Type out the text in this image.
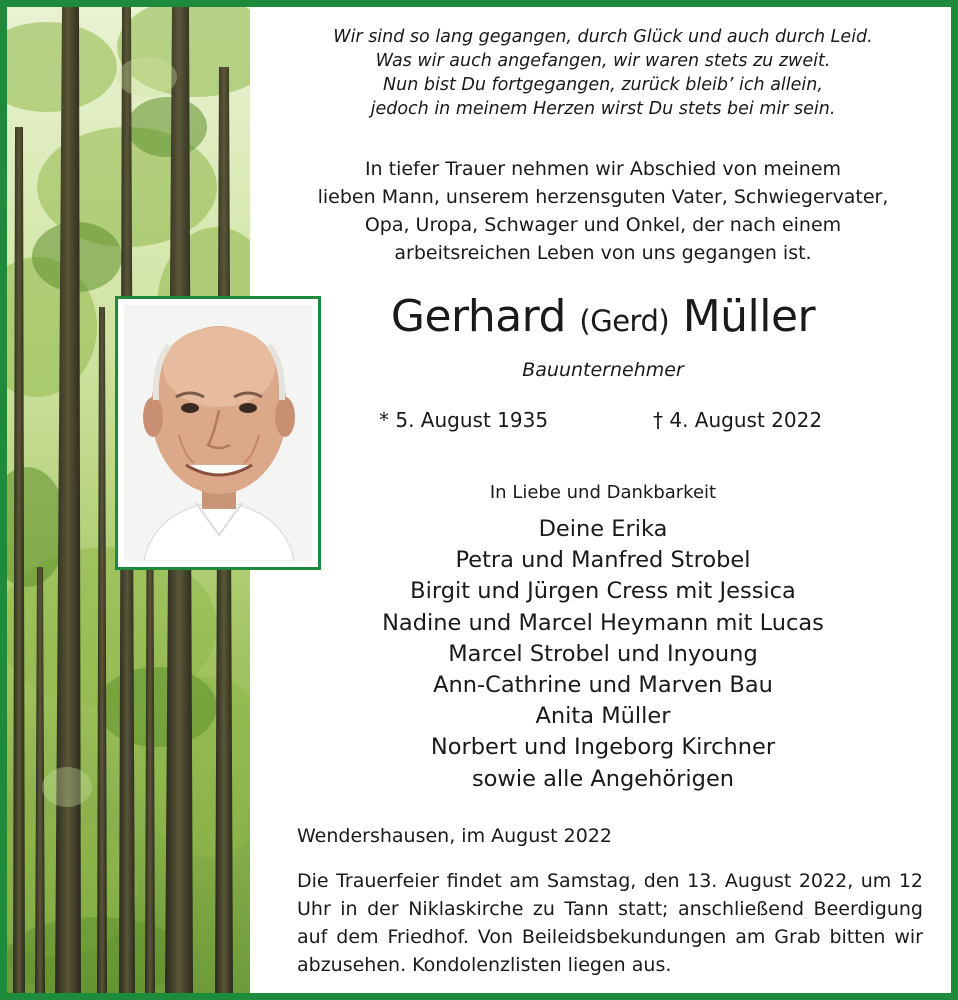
Wir sind so lang gegangen, durch Glück und auch durch Leid.
Was wir auch angefangen, wir waren stets zu zweit.
Nun bist Du fortgegangen, zurück bleib’ ich allein,
jedoch in meinem Herzen wirst Du stets bei mir sein.
In tiefer Trauer nehmen wir Abschied von meinem
lieben Mann, unserem herzensguten Vater, Schwiegervater,
Opa, Uropa, Schwager und Onkel, der nach einem
arbeitsreichen Leben von uns gegangen ist.
Gerhard (Gerd) Müller
Bauunternehmer
* 5. August 1935	† 4. August 2022
In Liebe und Dankbarkeit
Deine Erika
Petra und Manfred Strobel
Birgit und Jürgen Cress mit Jessica
Nadine und Marcel Heymann mit Lucas
Marcel Strobel und Inyoung
Ann-Cathrine und Marven Bau
Anita Müller
Norbert und Ingeborg Kirchner
sowie alle Angehörigen
Wendershausen, im August 2022
Die Trauerfeier findet am Samstag, den 13. August 2022, um 12 Uhr in der Niklaskirche zu Tann statt; anschließend Beerdigung auf dem Friedhof. Von Beileidsbekundungen am Grab bitten wir abzusehen. Kondolenzlisten liegen aus.
